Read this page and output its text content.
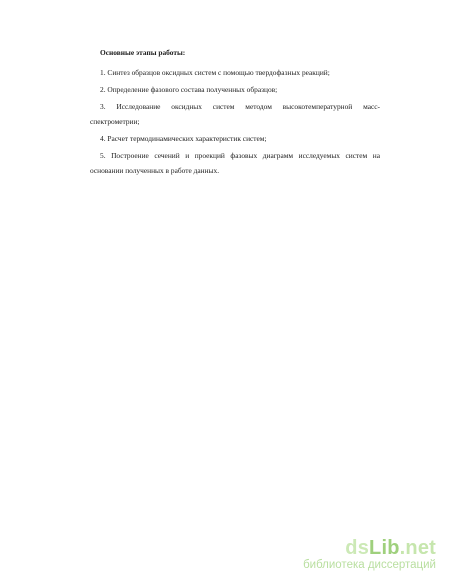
Основные этапы работы:
1. Синтез образцов оксидных систем с помощью твердофазных реакций;
2. Определение фазового состава полученных образцов;
3. Исследование оксидных систем методом высокотемпературной масс-
спектрометрии;
4. Расчет термодинамических характеристик систем;
5. Построение сечений и проекций фазовых диаграмм исследуемых систем на
основании полученных в работе данных.
dsLib.net
библиотека диссертаций
